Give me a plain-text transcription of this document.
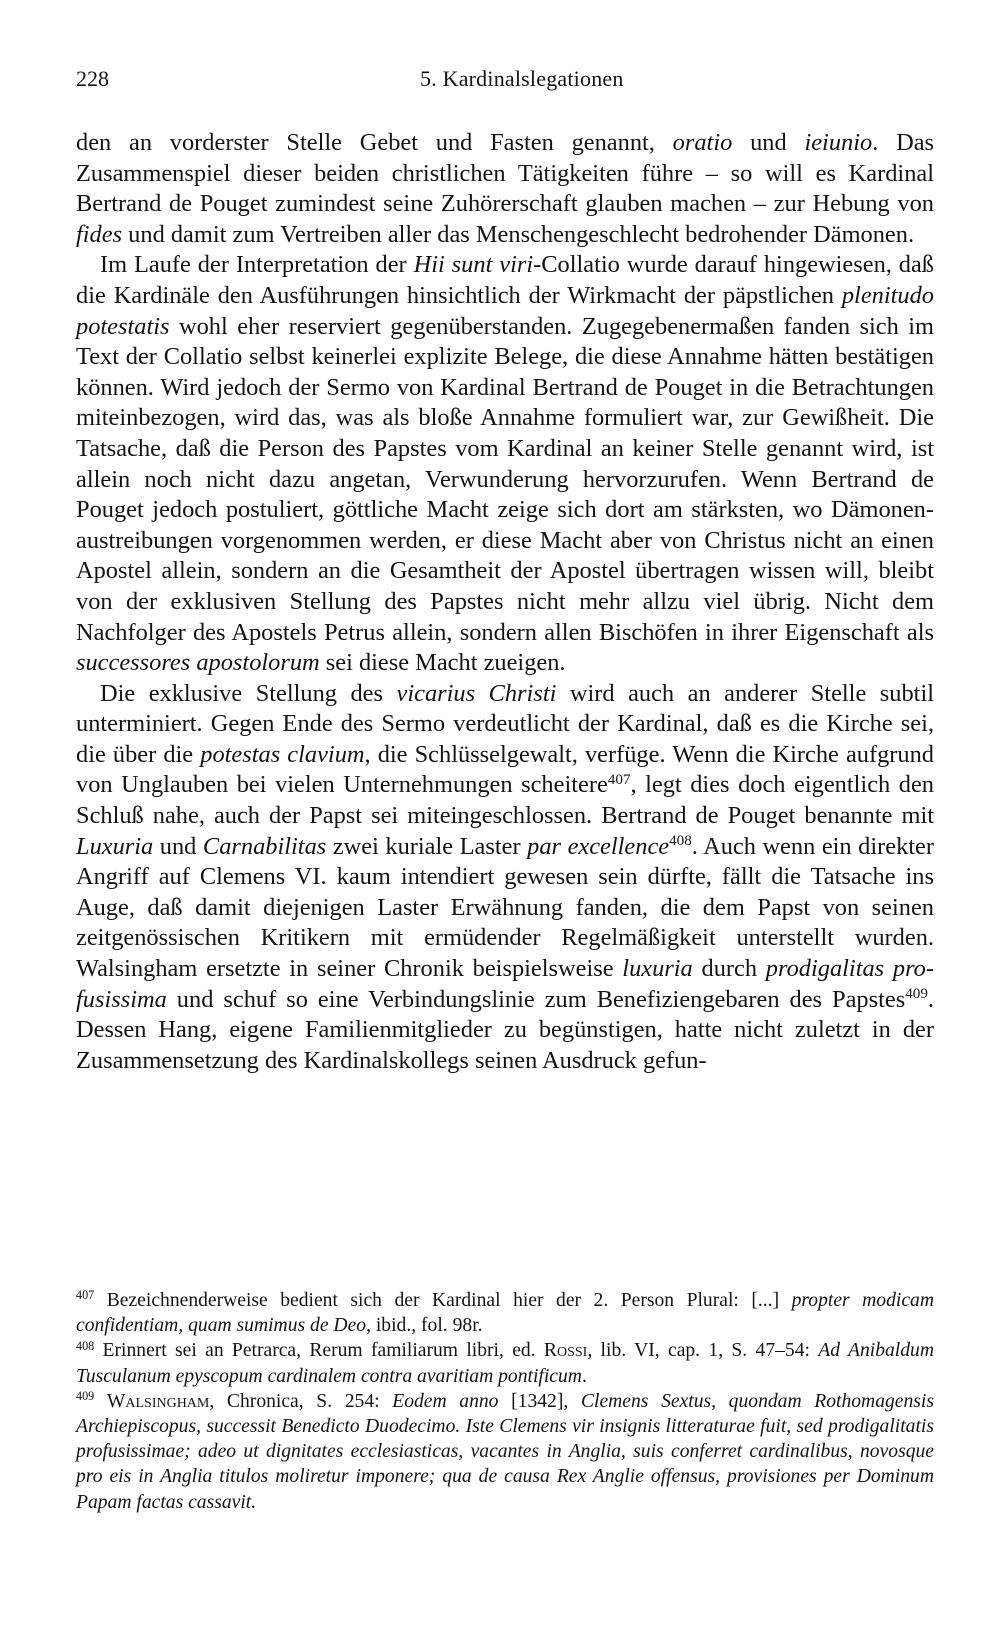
228	5. Kardinalslegationen

den an vorderster Stelle Gebet und Fasten genannt, oratio und ieiunio. Das Zusammenspiel dieser beiden christlichen Tätigkeiten führe – so will es Kardinal Bertrand de Pouget zumindest seine Zuhörerschaft glauben machen – zur Hebung von fides und damit zum Vertreiben aller das Menschengeschlecht bedrohender Dämonen.

Im Laufe der Interpretation der Hii sunt viri-Collatio wurde darauf hingewiesen, daß die Kardinäle den Ausführungen hinsichtlich der Wirkmacht der päpstlichen plenitudo potestatis wohl eher reserviert gegenüberstanden. Zugegebenermaßen fanden sich im Text der Collatio selbst keinerlei explizite Belege, die diese Annahme hätten bestätigen können. Wird jedoch der Sermo von Kardinal Bertrand de Pouget in die Betrachtungen miteinbezogen, wird das, was als bloße Annahme formuliert war, zur Gewißheit. Die Tatsache, daß die Person des Papstes vom Kardinal an keiner Stelle genannt wird, ist allein noch nicht dazu angetan, Verwunderung hervorzurufen. Wenn Bertrand de Pouget jedoch postuliert, göttliche Macht zeige sich dort am stärksten, wo Dämonenaustreibungen vorgenommen werden, er diese Macht aber von Christus nicht an einen Apostel allein, sondern an die Gesamtheit der Apostel übertragen wissen will, bleibt von der exklusiven Stellung des Papstes nicht mehr allzu viel übrig. Nicht dem Nachfolger des Apostels Petrus allein, sondern allen Bischöfen in ihrer Eigenschaft als successores apostolorum sei diese Macht zueigen.

Die exklusive Stellung des vicarius Christi wird auch an anderer Stelle subtil unterminiert. Gegen Ende des Sermo verdeutlicht der Kardinal, daß es die Kirche sei, die über die potestas clavium, die Schlüsselgewalt, verfüge. Wenn die Kirche aufgrund von Unglauben bei vielen Unternehmungen scheitere$^{407}$, legt dies doch eigentlich den Schluß nahe, auch der Papst sei miteingeschlossen. Bertrand de Pouget benannte mit Luxuria und Carnabilitas zwei kuriale Laster par excellence$^{408}$. Auch wenn ein direkter Angriff auf Clemens VI. kaum intendiert gewesen sein dürfte, fällt die Tatsache ins Auge, daß damit diejenigen Laster Erwähnung fanden, die dem Papst von seinen zeitgenössischen Kritikern mit ermüdender Regelmäßigkeit unterstellt wurden. Walsingham ersetzte in seiner Chronik beispielsweise luxuria durch prodigalitas profusissima und schuf so eine Verbindungslinie zum Benefiziengebaren des Papstes$^{409}$. Dessen Hang, eigene Familienmitglieder zu begünstigen, hatte nicht zuletzt in der Zusammensetzung des Kardinalskollegs seinen Ausdruck gefun-

$^{407}$ Bezeichnenderweise bedient sich der Kardinal hier der 2. Person Plural: [...] propter modicam confidentiam, quam sumimus de Deo, ibid., fol. 98r.

$^{408}$ Erinnert sei an Petrarca, Rerum familiarum libri, ed. Rossi, lib. VI, cap. 1, S. 47–54: Ad Anibaldum Tusculanum epyscopum cardinalem contra avaritiam pontificum.

$^{409}$ Walsingham, Chronica, S. 254: Eodem anno [1342], Clemens Sextus, quondam Rothomagensis Archiepiscopus, successit Benedicto Duodecimo. Iste Clemens vir insignis litteraturae fuit, sed prodigalitatis profusissimae; adeo ut dignitates ecclesiasticas, vacantes in Anglia, suis conferret cardinalibus, novosque pro eis in Anglia titulos moliretur imponere; qua de causa Rex Anglie offensus, provisiones per Dominum Papam factas cassavit.
